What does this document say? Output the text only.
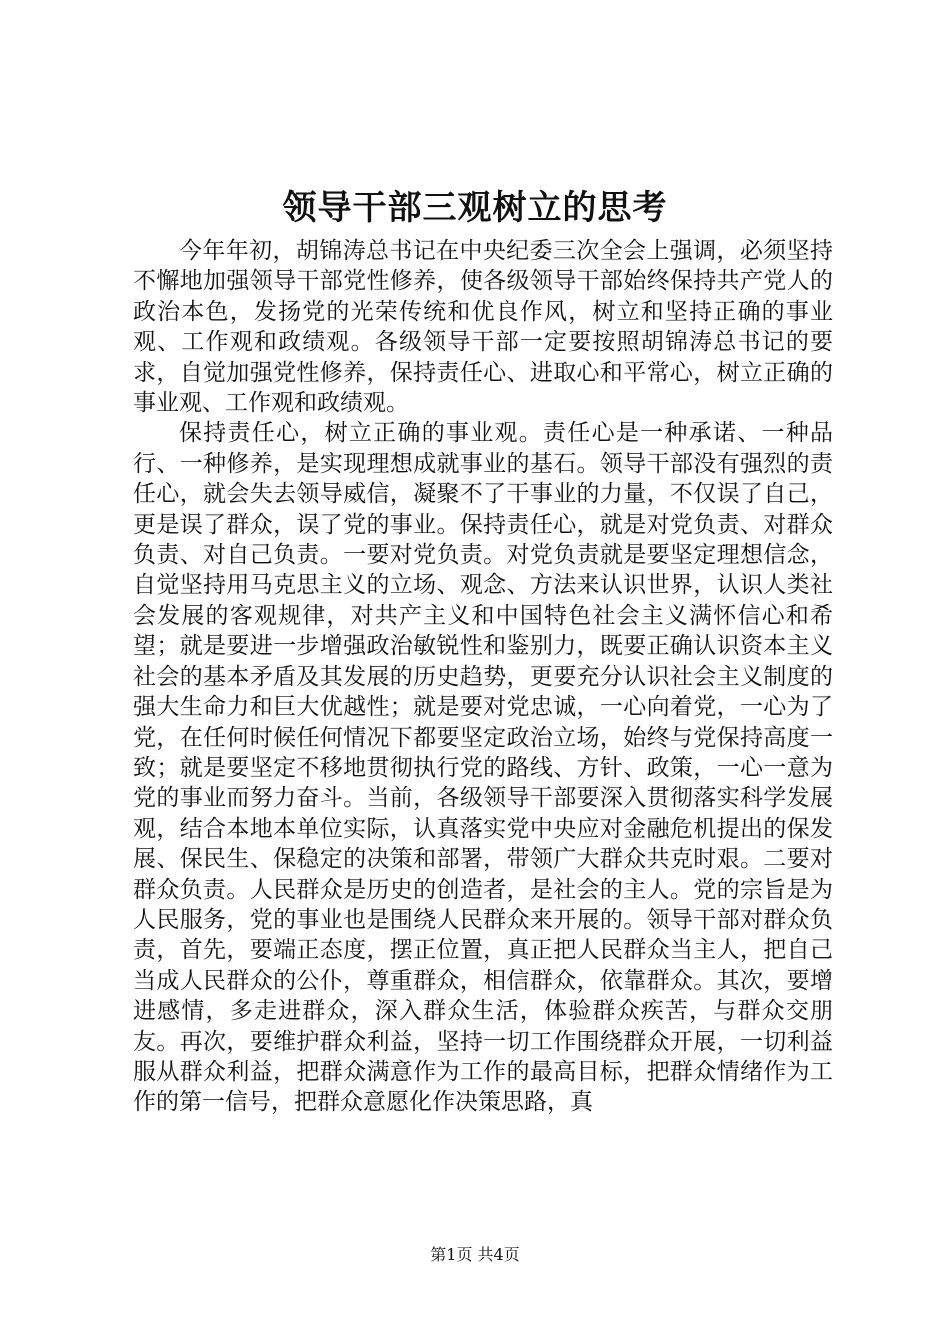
领导干部三观树立的思考

今年年初，胡锦涛总书记在中央纪委三次全会上强调，必须坚持不懈地加强领导干部党性修养，使各级领导干部始终保持共产党人的政治本色，发扬党的光荣传统和优良作风，树立和坚持正确的事业观、工作观和政绩观。各级领导干部一定要按照胡锦涛总书记的要求，自觉加强党性修养，保持责任心、进取心和平常心，树立正确的事业观、工作观和政绩观。

保持责任心，树立正确的事业观。责任心是一种承诺、一种品行、一种修养，是实现理想成就事业的基石。领导干部没有强烈的责任心，就会失去领导威信，凝聚不了干事业的力量，不仅误了自己，更是误了群众，误了党的事业。保持责任心，就是对党负责、对群众负责、对自己负责。一要对党负责。对党负责就是要坚定理想信念，自觉坚持用马克思主义的立场、观念、方法来认识世界，认识人类社会发展的客观规律，对共产主义和中国特色社会主义满怀信心和希望；就是要进一步增强政治敏锐性和鉴别力，既要正确认识资本主义社会的基本矛盾及其发展的历史趋势，更要充分认识社会主义制度的强大生命力和巨大优越性；就是要对党忠诚，一心向着党，一心为了党，在任何时候任何情况下都要坚定政治立场，始终与党保持高度一致；就是要坚定不移地贯彻执行党的路线、方针、政策，一心一意为党的事业而努力奋斗。当前，各级领导干部要深入贯彻落实科学发展观，结合本地本单位实际，认真落实党中央应对金融危机提出的保发展、保民生、保稳定的决策和部署，带领广大群众共克时艰。二要对群众负责。人民群众是历史的创造者，是社会的主人。党的宗旨是为人民服务，党的事业也是围绕人民群众来开展的。领导干部对群众负责，首先，要端正态度，摆正位置，真正把人民群众当主人，把自己当成人民群众的公仆，尊重群众，相信群众，依靠群众。其次，要增进感情，多走进群众，深入群众生活，体验群众疾苦，与群众交朋友。再次，要维护群众利益，坚持一切工作围绕群众开展，一切利益服从群众利益，把群众满意作为工作的最高目标，把群众情绪作为工作的第一信号，把群众意愿化作决策思路，真

第1页 共4页
